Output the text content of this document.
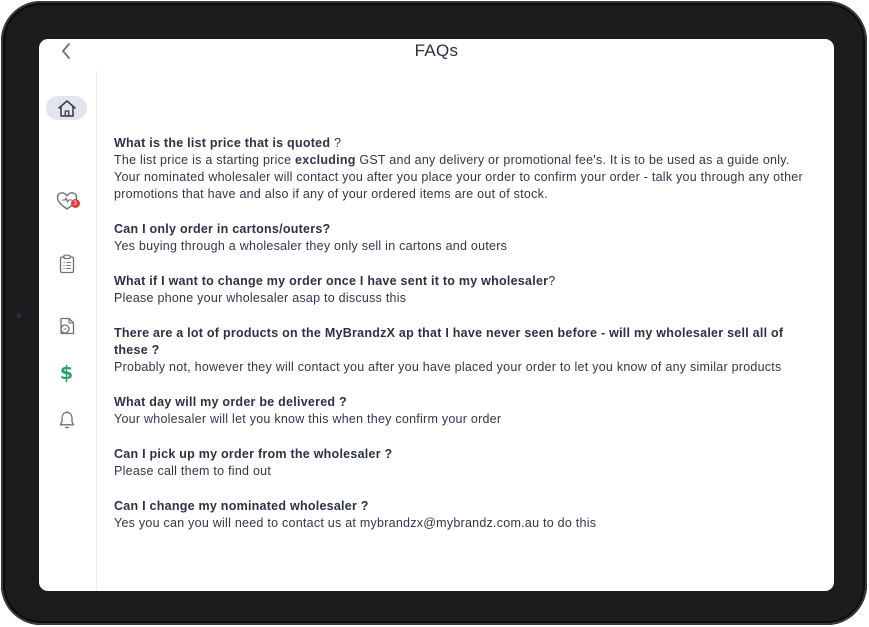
FAQs
3
$
What is the list price that is quoted ?
The list price is a starting price excluding GST and any delivery or promotional fee's. It is to be used as a guide only. Your nominated wholesaler will contact you after you place your order to confirm your order - talk you through any other promotions that have and also if any of your ordered items are out of stock.
Can I only order in cartons/outers?
Yes buying through a wholesaler they only sell in cartons and outers
What if I want to change my order once I have sent it to my wholesaler?
Please phone your wholesaler asap to discuss this
There are a lot of products on the MyBrandzX ap that I have never seen before - will my wholesaler sell all of these ?
Probably not, however they will contact you after you have placed your order to let you know of any similar products
What day will my order be delivered ?
Your wholesaler will let you know this when they confirm your order
Can I pick up my order from the wholesaler ?
Please call them to find out
Can I change my nominated wholesaler ?
Yes you can you will need to contact us at mybrandzx@mybrandz.com.au to do this
